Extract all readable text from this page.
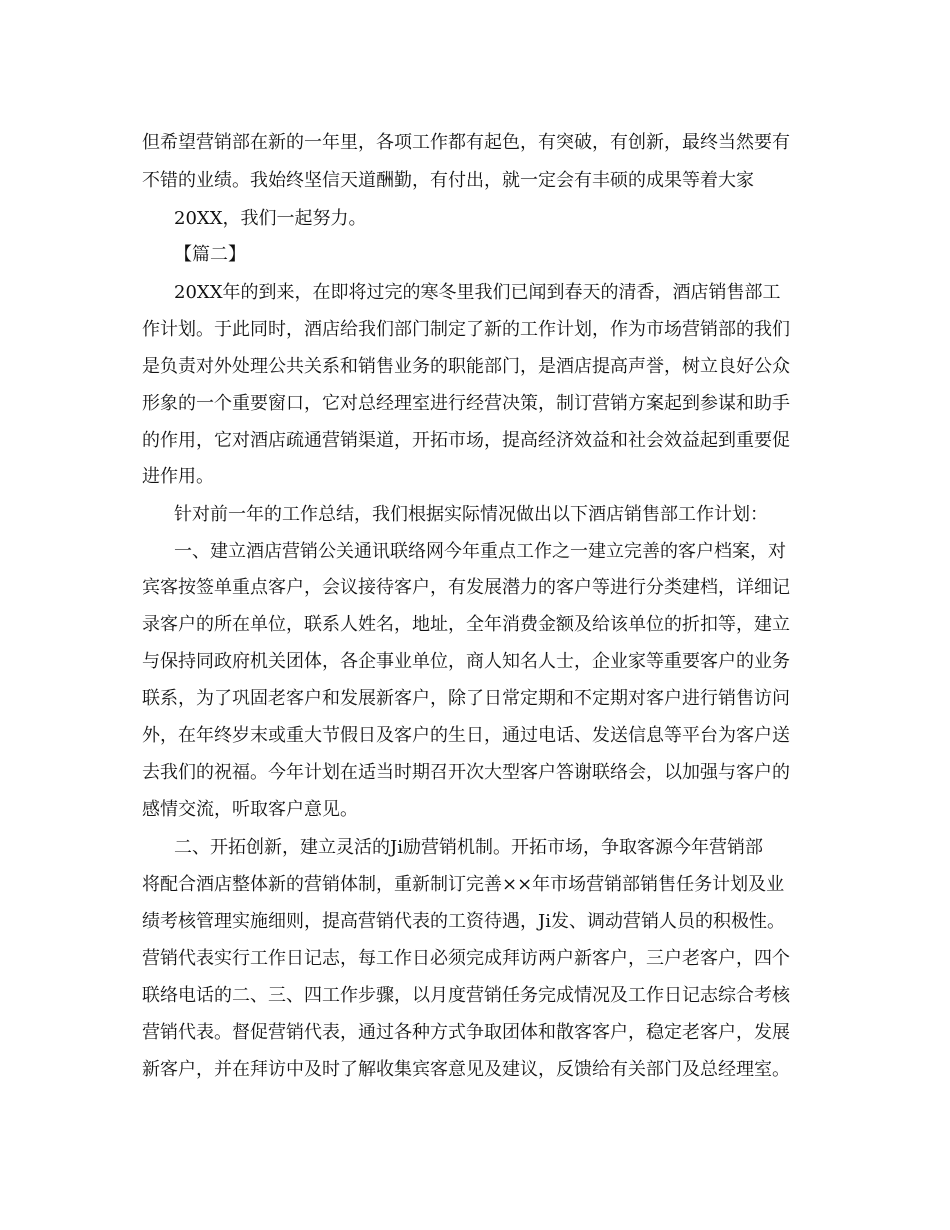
但希望营销部在新的一年里，各项工作都有起色，有突破，有创新，最终当然要有
不错的业绩。我始终坚信天道酬勤，有付出，就一定会有丰硕的成果等着大家
20XX，我们一起努力。
【篇二】
20XX年的到来，在即将过完的寒冬里我们已闻到春天的清香，酒店销售部工
作计划。于此同时，酒店给我们部门制定了新的工作计划，作为市场营销部的我们
是负责对外处理公共关系和销售业务的职能部门，是酒店提高声誉，树立良好公众
形象的一个重要窗口，它对总经理室进行经营决策，制订营销方案起到参谋和助手
的作用，它对酒店疏通营销渠道，开拓市场，提高经济效益和社会效益起到重要促
进作用。
针对前一年的工作总结，我们根据实际情况做出以下酒店销售部工作计划：
一、建立酒店营销公关通讯联络网今年重点工作之一建立完善的客户档案，对
宾客按签单重点客户，会议接待客户，有发展潜力的客户等进行分类建档，详细记
录客户的所在单位，联系人姓名，地址，全年消费金额及给该单位的折扣等，建立
与保持同政府机关团体，各企事业单位，商人知名人士，企业家等重要客户的业务
联系，为了巩固老客户和发展新客户，除了日常定期和不定期对客户进行销售访问
外，在年终岁末或重大节假日及客户的生日，通过电话、发送信息等平台为客户送
去我们的祝福。今年计划在适当时期召开次大型客户答谢联络会，以加强与客户的
感情交流，听取客户意见。
二、开拓创新，建立灵活的Ji励营销机制。开拓市场，争取客源今年营销部
将配合酒店整体新的营销体制，重新制订完善××年市场营销部销售任务计划及业
绩考核管理实施细则，提高营销代表的工资待遇，Ji发、调动营销人员的积极性。
营销代表实行工作日记志，每工作日必须完成拜访两户新客户，三户老客户，四个
联络电话的二、三、四工作步骤，以月度营销任务完成情况及工作日记志综合考核
营销代表。督促营销代表，通过各种方式争取团体和散客客户，稳定老客户，发展
新客户，并在拜访中及时了解收集宾客意见及建议，反馈给有关部门及总经理室。
